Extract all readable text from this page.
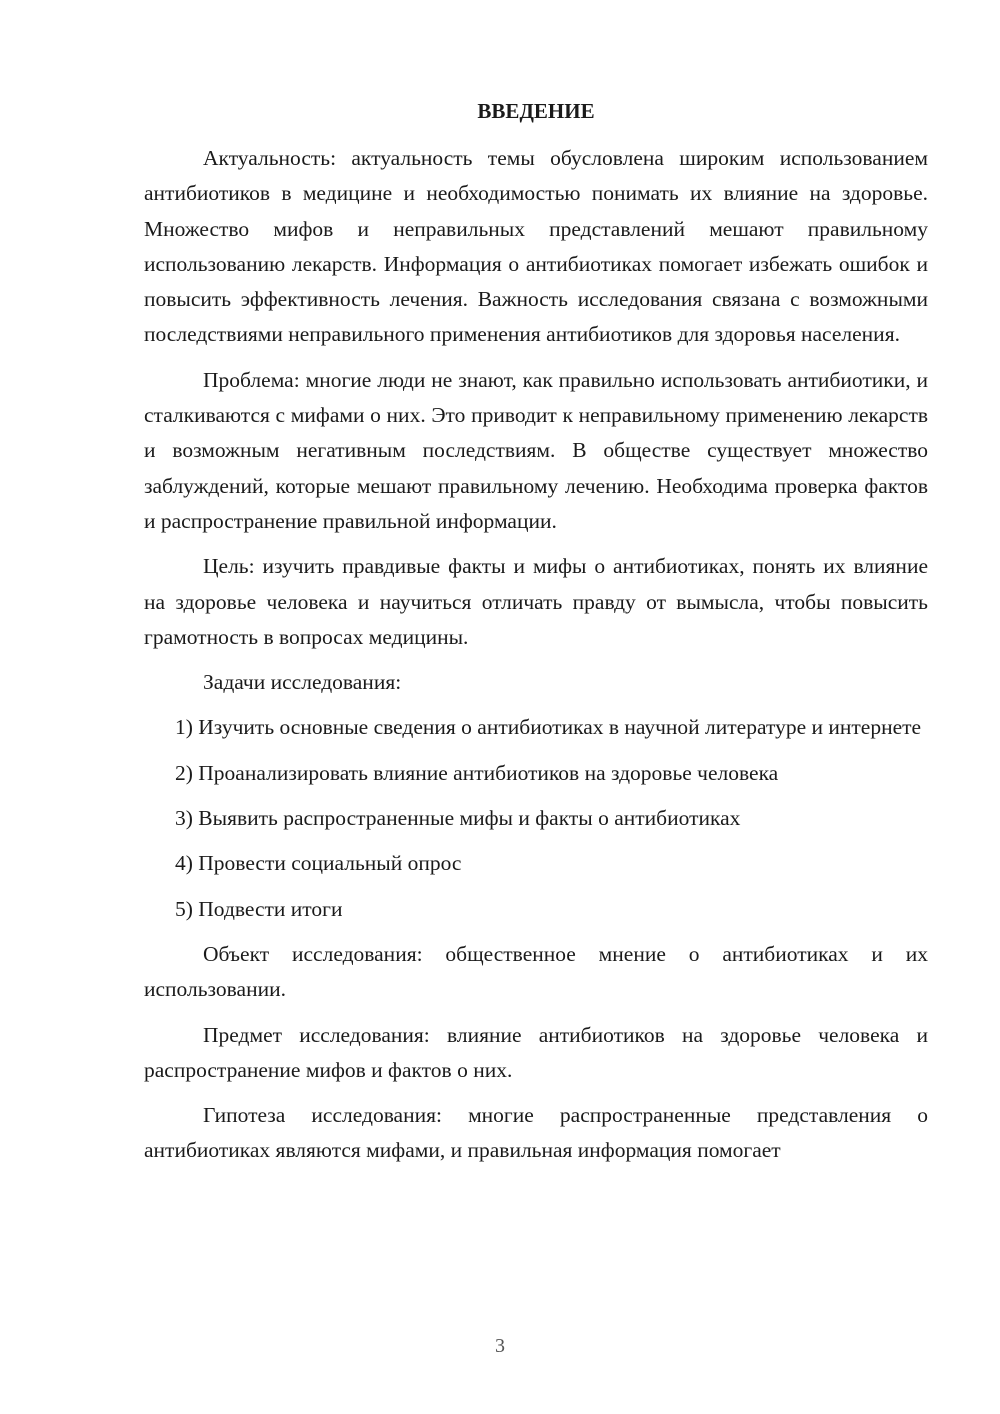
ВВЕДЕНИЕ

Актуальность: актуальность темы обусловлена широким использованием антибиотиков в медицине и необходимостью понимать их влияние на здоровье. Множество мифов и неправильных представлений мешают правильному использованию лекарств. Информация о антибиотиках помогает избежать ошибок и повысить эффективность лечения. Важность исследования связана с возможными последствиями неправильного применения антибиотиков для здоровья населения.

Проблема: многие люди не знают, как правильно использовать антибиотики, и сталкиваются с мифами о них. Это приводит к неправильному применению лекарств и возможным негативным последствиям. В обществе существует множество заблуждений, которые мешают правильному лечению. Необходима проверка фактов и распространение правильной информации.

Цель: изучить правдивые факты и мифы о антибиотиках, понять их влияние на здоровье человека и научиться отличать правду от вымысла, чтобы повысить грамотность в вопросах медицины.

Задачи исследования:

1) Изучить основные сведения о антибиотиках в научной литературе и интернете

2) Проанализировать влияние антибиотиков на здоровье человека

3) Выявить распространенные мифы и факты о антибиотиках

4) Провести социальный опрос

5) Подвести итоги

Объект исследования: общественное мнение о антибиотиках и их использовании.

Предмет исследования: влияние антибиотиков на здоровье человека и распространение мифов и фактов о них.

Гипотеза исследования: многие распространенные представления о антибиотиках являются мифами, и правильная информация помогает

3
